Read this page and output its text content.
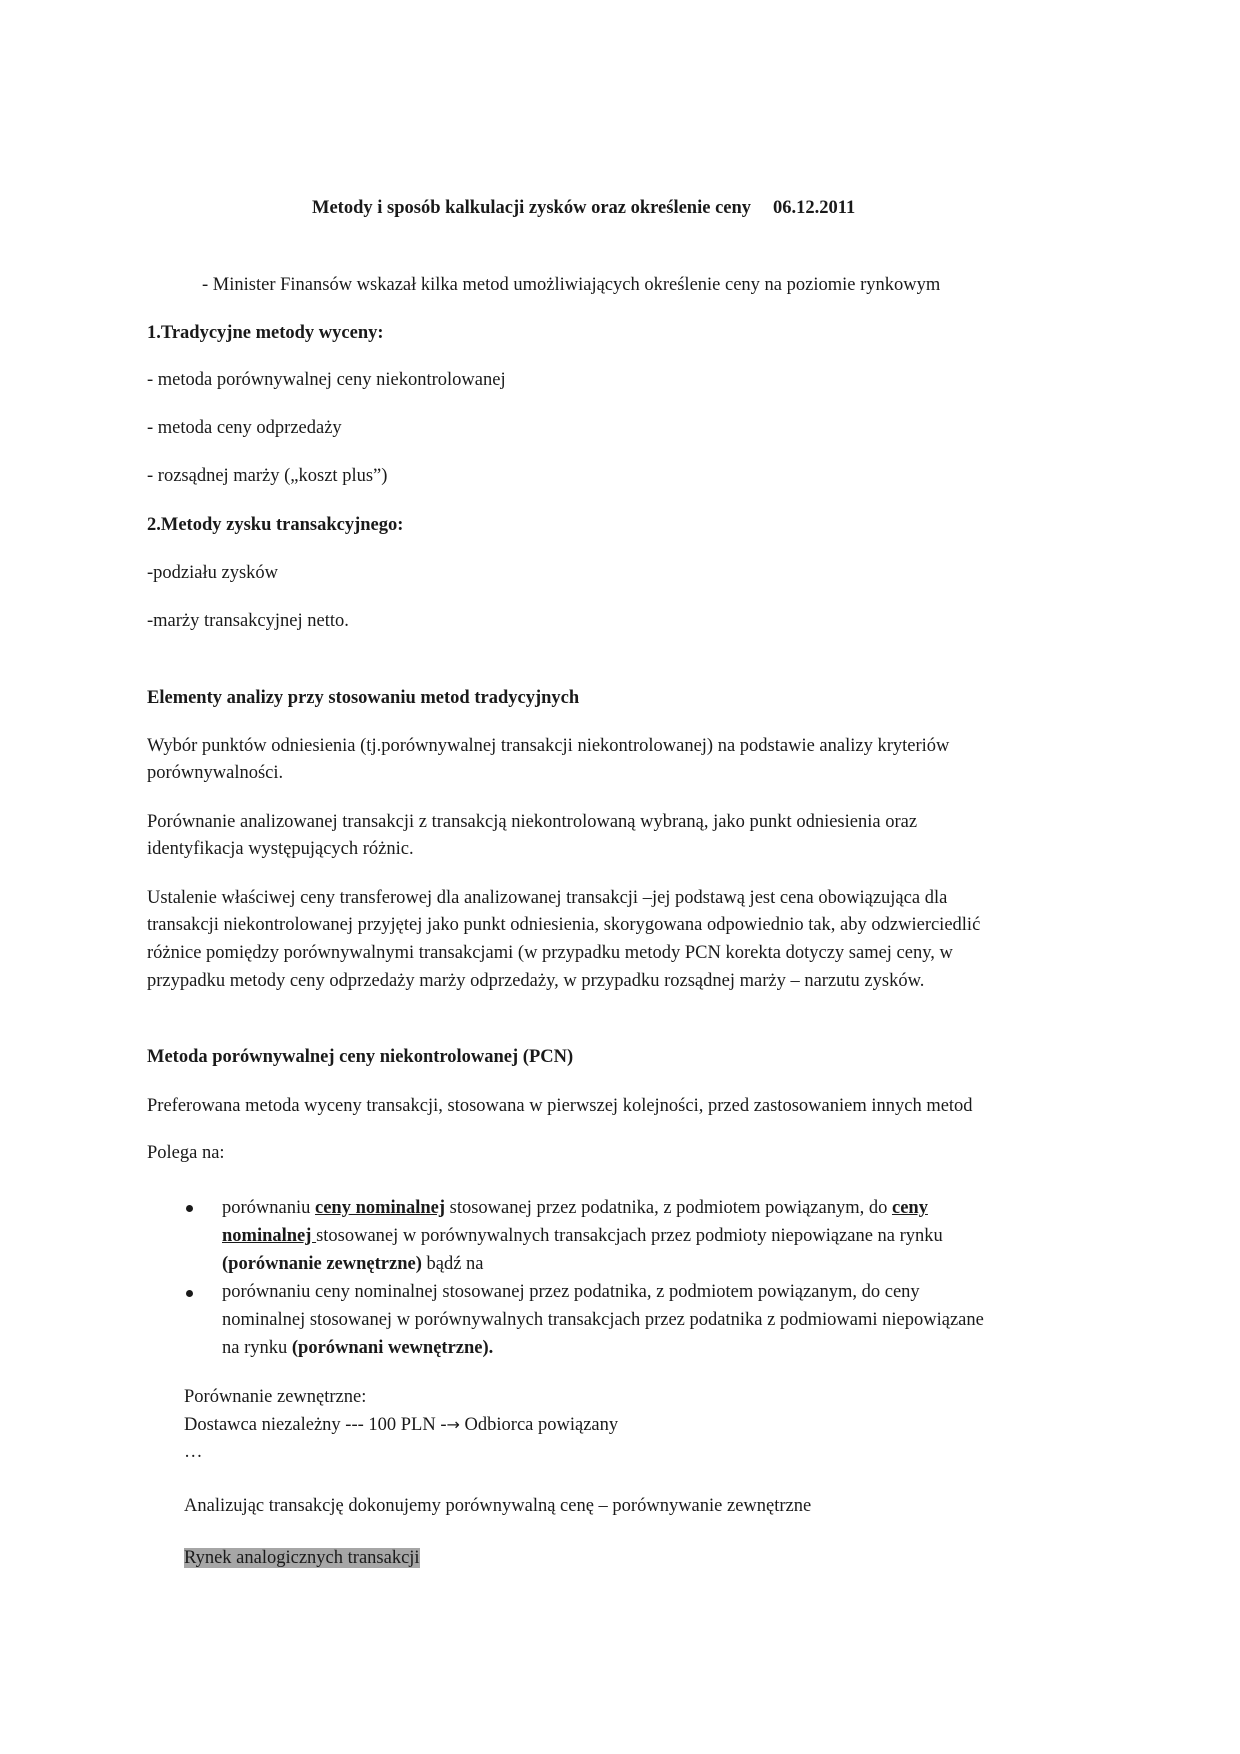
Metody i sposób kalkulacji zysków oraz określenie ceny 06.12.2011
- Minister Finansów wskazał kilka metod umożliwiających określenie ceny na poziomie rynkowym
1.Tradycyjne metody wyceny:
- metoda porównywalnej ceny niekontrolowanej
- metoda ceny odprzedaży
- rozsądnej marży („koszt plus”)
2.Metody zysku transakcyjnego:
-podziału zysków
-marży transakcyjnej netto.
Elementy analizy przy stosowaniu metod tradycyjnych
Wybór punktów odniesienia (tj.porównywalnej transakcji niekontrolowanej) na podstawie analizy kryteriów
porównywalności.
Porównanie analizowanej transakcji z transakcją niekontrolowaną wybraną, jako punkt odniesienia oraz
identyfikacja występujących różnic.
Ustalenie właściwej ceny transferowej dla analizowanej transakcji –jej podstawą jest cena obowiązująca dla
transakcji niekontrolowanej przyjętej jako punkt odniesienia, skorygowana odpowiednio tak, aby odzwierciedlić
różnice pomiędzy porównywalnymi transakcjami (w przypadku metody PCN korekta dotyczy samej ceny, w
przypadku metody ceny odprzedaży marży odprzedaży, w przypadku rozsądnej marży – narzutu zysków.
Metoda porównywalnej ceny niekontrolowanej (PCN)
Preferowana metoda wyceny transakcji, stosowana w pierwszej kolejności, przed zastosowaniem innych metod
Polega na:
porównaniu ceny nominalnej stosowanej przez podatnika, z podmiotem powiązanym, do ceny
nominalnej stosowanej w porównywalnych transakcjach przez podmioty niepowiązane na rynku
(porównanie zewnętrzne) bądź na
porównaniu ceny nominalnej stosowanej przez podatnika, z podmiotem powiązanym, do ceny
nominalnej stosowanej w porównywalnych transakcjach przez podatnika z podmiowami niepowiązane
na rynku (porównani wewnętrzne).
Porównanie zewnętrzne:
Dostawca niezależny --- 100 PLN -→ Odbiorca powiązany
…
Analizując transakcję dokonujemy porównywalną cenę – porównywanie zewnętrzne
Rynek analogicznych transakcji
